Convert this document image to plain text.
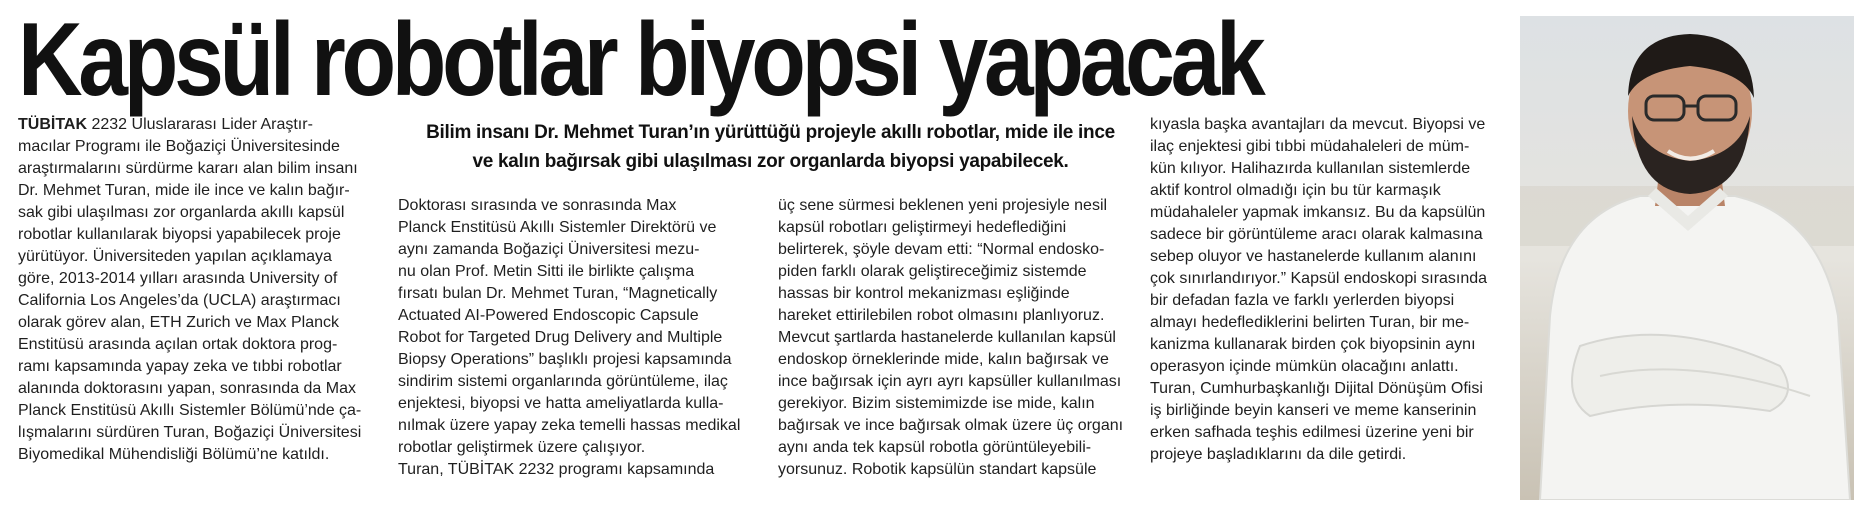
Kapsül robotlar biyopsi yapacak

TÜBİTAK 2232 Uluslararası Lider Araştır-
macılar Programı ile Boğaziçi Üniversitesinde
araştırmalarını sürdürme kararı alan bilim insanı
Dr. Mehmet Turan, mide ile ince ve kalın bağır-
sak gibi ulaşılması zor organlarda akıllı kapsül
robotlar kullanılarak biyopsi yapabilecek proje
yürütüyor. Üniversiteden yapılan açıklamaya
göre, 2013-2014 yılları arasında University of
California Los Angeles’da (UCLA) araştırmacı
olarak görev alan, ETH Zurich ve Max Planck
Enstitüsü arasında açılan ortak doktora prog-
ramı kapsamında yapay zeka ve tıbbi robotlar
alanında doktorasını yapan, sonrasında da Max
Planck Enstitüsü Akıllı Sistemler Bölümü’nde ça-
lışmalarını sürdüren Turan, Boğaziçi Üniversitesi
Biyomedikal Mühendisliği Bölümü’ne katıldı.

Bilim insanı Dr. Mehmet Turan’ın yürüttüğü projeyle akıllı robotlar, mide ile ince
ve kalın bağırsak gibi ulaşılması zor organlarda biyopsi yapabilecek.

Doktorası sırasında ve sonrasında Max
Planck Enstitüsü Akıllı Sistemler Direktörü ve
aynı zamanda Boğaziçi Üniversitesi mezu-
nu olan Prof. Metin Sitti ile birlikte çalışma
fırsatı bulan Dr. Mehmet Turan, “Magnetically
Actuated AI-Powered Endoscopic Capsule
Robot for Targeted Drug Delivery and Multiple
Biopsy Operations” başlıklı projesi kapsamında
sindirim sistemi organlarında görüntüleme, ilaç
enjektesi, biyopsi ve hatta ameliyatlarda kulla-
nılmak üzere yapay zeka temelli hassas medikal
robotlar geliştirmek üzere çalışıyor.
Turan, TÜBİTAK 2232 programı kapsamında

üç sene sürmesi beklenen yeni projesiyle nesil
kapsül robotları geliştirmeyi hedeflediğini
belirterek, şöyle devam etti: “Normal endosko-
piden farklı olarak geliştireceğimiz sistemde
hassas bir kontrol mekanizması eşliğinde
hareket ettirilebilen robot olmasını planlıyoruz.
Mevcut şartlarda hastanelerde kullanılan kapsül
endoskop örneklerinde mide, kalın bağırsak ve
ince bağırsak için ayrı ayrı kapsüller kullanılması
gerekiyor. Bizim sistemimizde ise mide, kalın
bağırsak ve ince bağırsak olmak üzere üç organı
aynı anda tek kapsül robotla görüntüleyebili-
yorsunuz. Robotik kapsülün standart kapsüle

kıyasla başka avantajları da mevcut. Biyopsi ve
ilaç enjektesi gibi tıbbi müdahaleleri de müm-
kün kılıyor. Halihazırda kullanılan sistemlerde
aktif kontrol olmadığı için bu tür karmaşık
müdahaleler yapmak imkansız. Bu da kapsülün
sadece bir görüntüleme aracı olarak kalmasına
sebep oluyor ve hastanelerde kullanım alanını
çok sınırlandırıyor.” Kapsül endoskopi sırasında
bir defadan fazla ve farklı yerlerden biyopsi
almayı hedeflediklerini belirten Turan, bir me-
kanizma kullanarak birden çok biyopsinin aynı
operasyon içinde mümkün olacağını anlattı.
Turan, Cumhurbaşkanlığı Dijital Dönüşüm Ofisi
iş birliğinde beyin kanseri ve meme kanserinin
erken safhada teşhis edilmesi üzerine yeni bir
projeye başladıklarını da dile getirdi.
